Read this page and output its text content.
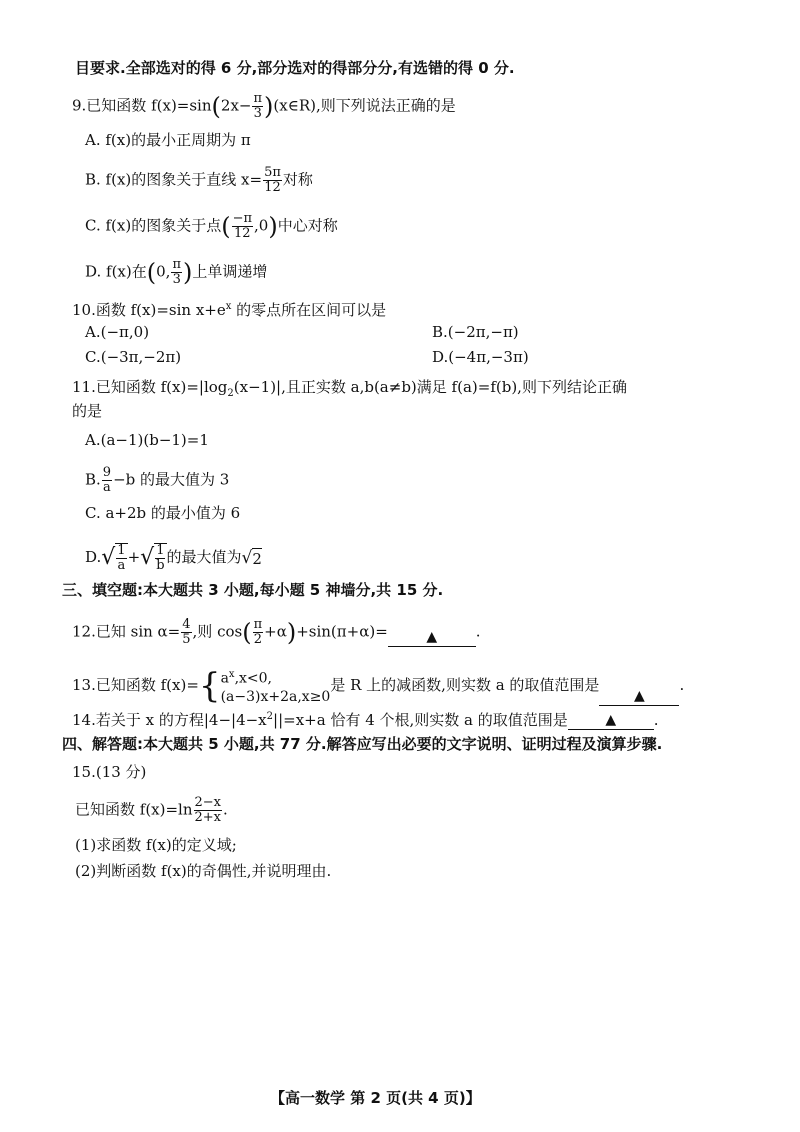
目要求.全部选对的得 6 分,部分选对的得部分分,有选错的得 0 分.
9.已知函数 $f(x)=\sin(2x- \frac{\pi}{3}$ )(x∈R),则下列说法正确的是
A. f(x)的最小正周期为 π
B. f(x)的图象关于直线 $x= \frac{5\pi}{12}$ 对称
C. f(x)的图象关于点( $\frac{-\pi}{12} ,0$)中心对称
D. f(x)在(0, $\frac{\pi}{3}$ )上单调递增
10.函数 f(x)=sin $x+e^x$ 的零点所在区间可以是
A.(−π,0)	B.(−2π,−π)
C.(−3π,−2π)	D.(−4π,−3π)
11.已知函数 $f(x)=|\log_2(x-1)|$,且正实数 a,b(a≠b)满足 f(a)=f(b),则下列结论正确
的是
A.(a−1)(b−1)=1
B. $\frac{9}{a} -b$ 的最大值为 3
C. a+2b 的最小值为 6
D. √ $\frac{1}{a}$ + √ $\frac{1}{b}$ 的最大值为 √ 2
三、填空题:本大题共 3 小题,每小题 5 神墙分,共 15 分.
12.已知 $\sin \alpha= \frac{4}{5}$ ,则 $\cos( \frac{\pi}{2} +\alpha)+\sin(\pi+\alpha)=$	▲	.
13.已知函数 f(x)= { $a^x,x<0$,
(a−3)x+2a,x≥0
是 R 上的减函数,则实数 a 的取值范围是▲.
14.若关于 x 的方程$|4-|4-x^2||=x+a$ 恰有 4 个根,则实数 a 的取值范围是	▲	.
四、解答题:本大题共 5 小题,共 77 分.解答应写出必要的文字说明、证明过程及演算步骤.
15.(13 分)
已知函数 $f(x)=\ln \frac{2-x}{2+x}$ .
(1)求函数 f(x)的定义域;
(2)判断函数 f(x)的奇偶性,并说明理由.
【高一数学 第 2 页(共 4 页)】
